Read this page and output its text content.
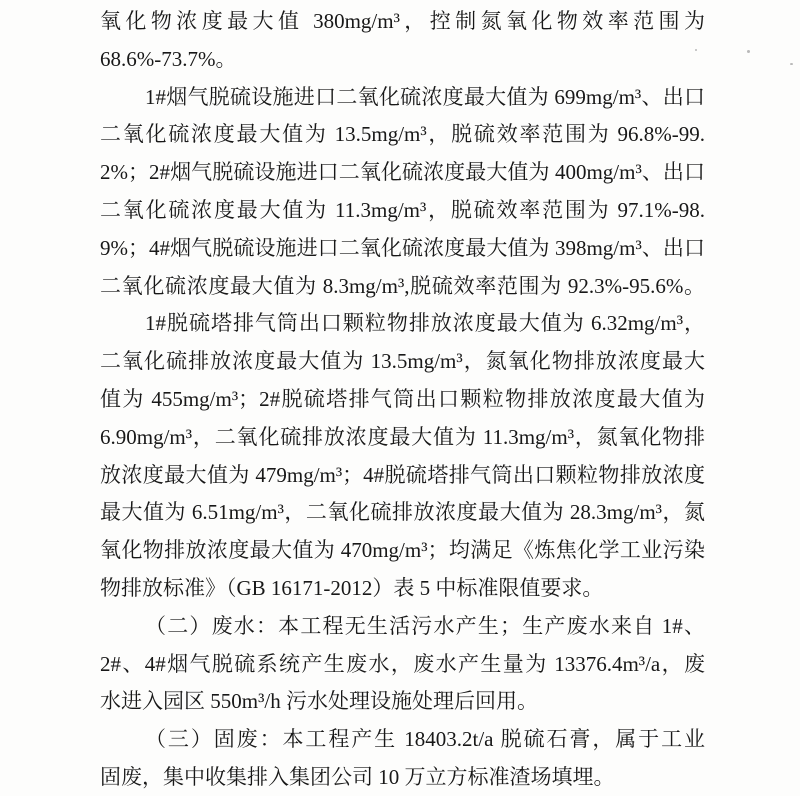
氧化物浓度最大值 380mg/m³，控制氮氧化物效率范围为
68.6%-73.7%。
1#烟气脱硫设施进口二氧化硫浓度最大值为 699mg/m³、出口
二氧化硫浓度最大值为 13.5mg/m³，脱硫效率范围为 96.8%-99.
2%；2#烟气脱硫设施进口二氧化硫浓度最大值为 400mg/m³、出口
二氧化硫浓度最大值为 11.3mg/m³，脱硫效率范围为 97.1%-98.
9%；4#烟气脱硫设施进口二氧化硫浓度最大值为 398mg/m³、出口
二氧化硫浓度最大值为 8.3mg/m³,脱硫效率范围为 92.3%-95.6%。
1#脱硫塔排气筒出口颗粒物排放浓度最大值为 6.32mg/m³，
二氧化硫排放浓度最大值为 13.5mg/m³，氮氧化物排放浓度最大
值为 455mg/m³；2#脱硫塔排气筒出口颗粒物排放浓度最大值为
6.90mg/m³，二氧化硫排放浓度最大值为 11.3mg/m³，氮氧化物排
放浓度最大值为 479mg/m³；4#脱硫塔排气筒出口颗粒物排放浓度
最大值为 6.51mg/m³，二氧化硫排放浓度最大值为 28.3mg/m³，氮
氧化物排放浓度最大值为 470mg/m³；均满足《炼焦化学工业污染
物排放标准》（GB 16171-2012）表 5 中标准限值要求。
（二）废水：本工程无生活污水产生；生产废水来自 1#、
2#、4#烟气脱硫系统产生废水，废水产生量为 13376.4m³/a，废
水进入园区 550m³/h 污水处理设施处理后回用。
（三）固废：本工程产生 18403.2t/a 脱硫石膏，属于工业
固废，集中收集排入集团公司 10 万立方标准渣场填埋。
